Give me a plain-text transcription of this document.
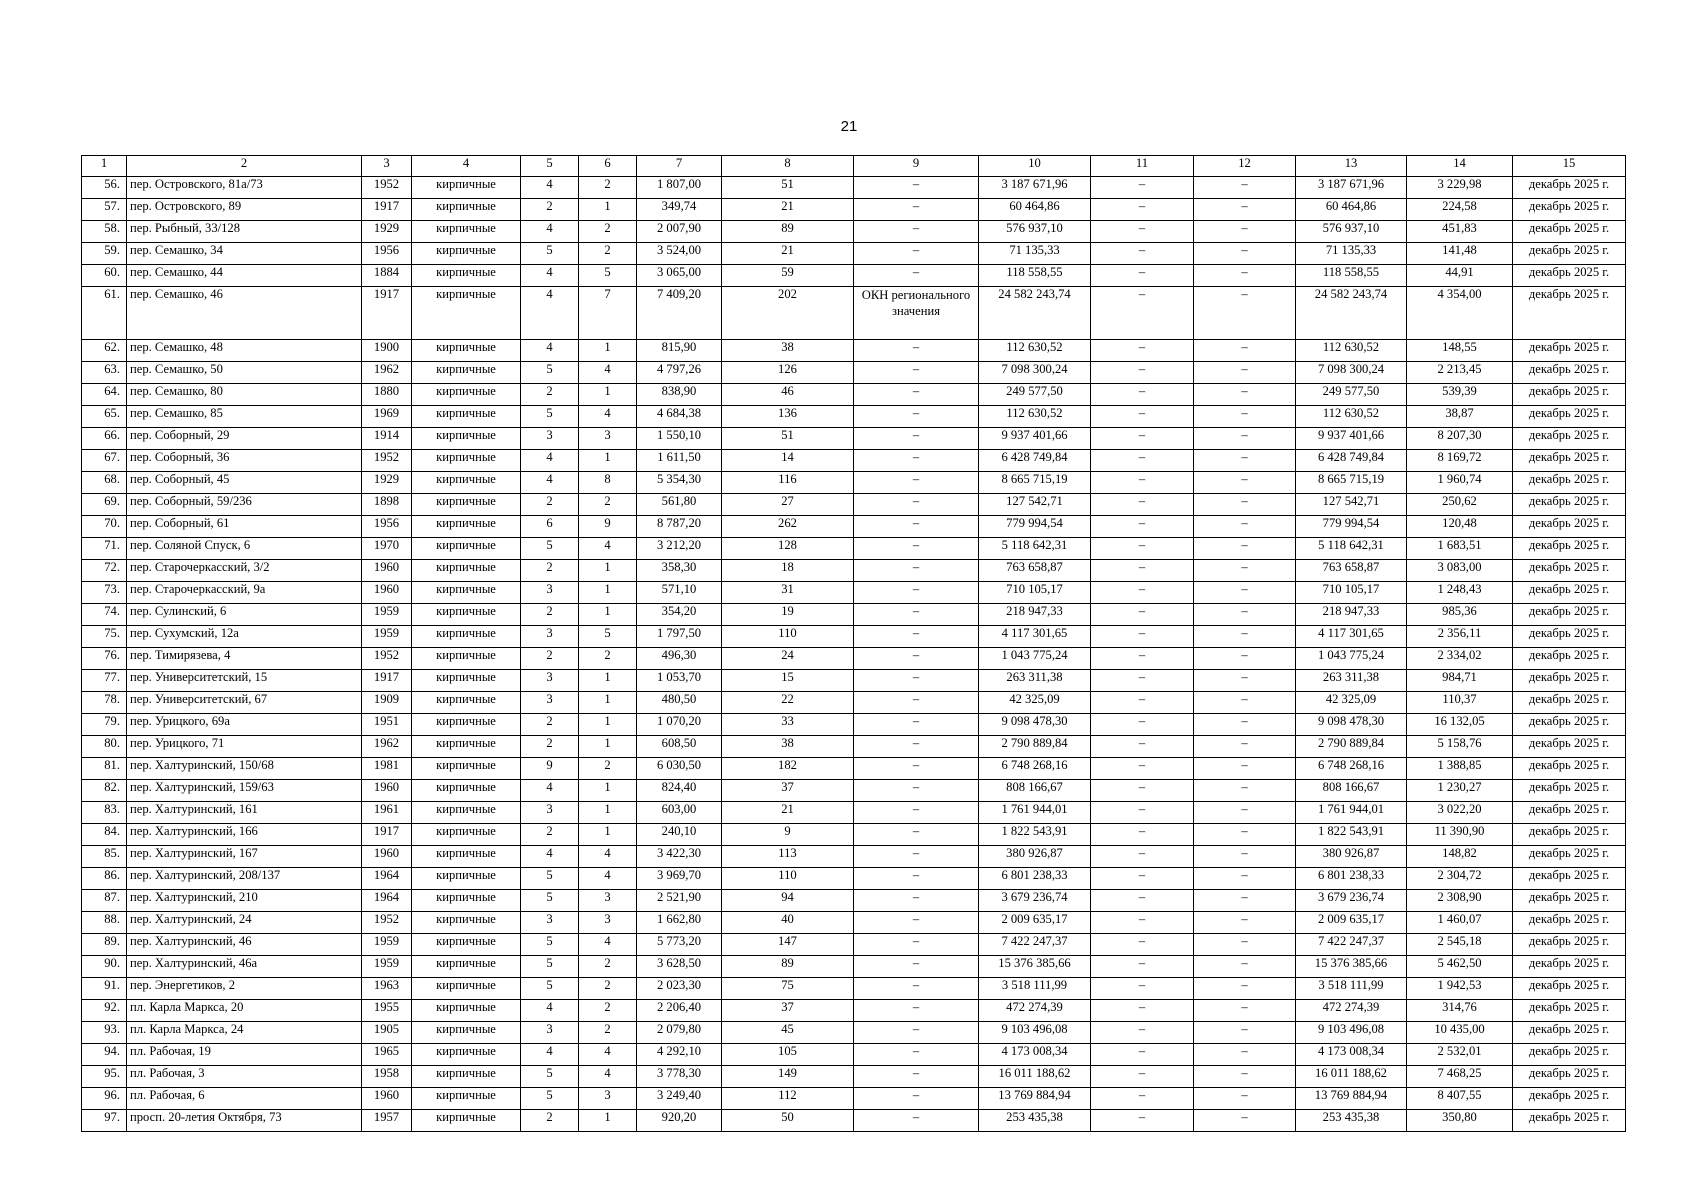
21
1	2	3	4	5	6	7	8	9	10	11	12	13	14	15
56.	пер. Островского, 81а/73	1952	кирпичные	4	2	1 807,00	51	–	3 187 671,96	–	–	3 187 671,96	3 229,98	декабрь 2025 г.
57.	пер. Островского, 89	1917	кирпичные	2	1	349,74	21	–	60 464,86	–	–	60 464,86	224,58	декабрь 2025 г.
58.	пер. Рыбный, 33/128	1929	кирпичные	4	2	2 007,90	89	–	576 937,10	–	–	576 937,10	451,83	декабрь 2025 г.
59.	пер. Семашко, 34	1956	кирпичные	5	2	3 524,00	21	–	71 135,33	–	–	71 135,33	141,48	декабрь 2025 г.
60.	пер. Семашко, 44	1884	кирпичные	4	5	3 065,00	59	–	118 558,55	–	–	118 558,55	44,91	декабрь 2025 г.
61.	пер. Семашко, 46	1917	кирпичные	4	7	7 409,20	202	ОКН регионального значения	24 582 243,74	–	–	24 582 243,74	4 354,00	декабрь 2025 г.
62.	пер. Семашко, 48	1900	кирпичные	4	1	815,90	38	–	112 630,52	–	–	112 630,52	148,55	декабрь 2025 г.
63.	пер. Семашко, 50	1962	кирпичные	5	4	4 797,26	126	–	7 098 300,24	–	–	7 098 300,24	2 213,45	декабрь 2025 г.
64.	пер. Семашко, 80	1880	кирпичные	2	1	838,90	46	–	249 577,50	–	–	249 577,50	539,39	декабрь 2025 г.
65.	пер. Семашко, 85	1969	кирпичные	5	4	4 684,38	136	–	112 630,52	–	–	112 630,52	38,87	декабрь 2025 г.
66.	пер. Соборный, 29	1914	кирпичные	3	3	1 550,10	51	–	9 937 401,66	–	–	9 937 401,66	8 207,30	декабрь 2025 г.
67.	пер. Соборный, 36	1952	кирпичные	4	1	1 611,50	14	–	6 428 749,84	–	–	6 428 749,84	8 169,72	декабрь 2025 г.
68.	пер. Соборный, 45	1929	кирпичные	4	8	5 354,30	116	–	8 665 715,19	–	–	8 665 715,19	1 960,74	декабрь 2025 г.
69.	пер. Соборный, 59/236	1898	кирпичные	2	2	561,80	27	–	127 542,71	–	–	127 542,71	250,62	декабрь 2025 г.
70.	пер. Соборный, 61	1956	кирпичные	6	9	8 787,20	262	–	779 994,54	–	–	779 994,54	120,48	декабрь 2025 г.
71.	пер. Соляной Спуск, 6	1970	кирпичные	5	4	3 212,20	128	–	5 118 642,31	–	–	5 118 642,31	1 683,51	декабрь 2025 г.
72.	пер. Старочеркасский, 3/2	1960	кирпичные	2	1	358,30	18	–	763 658,87	–	–	763 658,87	3 083,00	декабрь 2025 г.
73.	пер. Старочеркасский, 9а	1960	кирпичные	3	1	571,10	31	–	710 105,17	–	–	710 105,17	1 248,43	декабрь 2025 г.
74.	пер. Сулинский, 6	1959	кирпичные	2	1	354,20	19	–	218 947,33	–	–	218 947,33	985,36	декабрь 2025 г.
75.	пер. Сухумский, 12а	1959	кирпичные	3	5	1 797,50	110	–	4 117 301,65	–	–	4 117 301,65	2 356,11	декабрь 2025 г.
76.	пер. Тимирязева, 4	1952	кирпичные	2	2	496,30	24	–	1 043 775,24	–	–	1 043 775,24	2 334,02	декабрь 2025 г.
77.	пер. Университетский, 15	1917	кирпичные	3	1	1 053,70	15	–	263 311,38	–	–	263 311,38	984,71	декабрь 2025 г.
78.	пер. Университетский, 67	1909	кирпичные	3	1	480,50	22	–	42 325,09	–	–	42 325,09	110,37	декабрь 2025 г.
79.	пер. Урицкого, 69а	1951	кирпичные	2	1	1 070,20	33	–	9 098 478,30	–	–	9 098 478,30	16 132,05	декабрь 2025 г.
80.	пер. Урицкого, 71	1962	кирпичные	2	1	608,50	38	–	2 790 889,84	–	–	2 790 889,84	5 158,76	декабрь 2025 г.
81.	пер. Халтуринский, 150/68	1981	кирпичные	9	2	6 030,50	182	–	6 748 268,16	–	–	6 748 268,16	1 388,85	декабрь 2025 г.
82.	пер. Халтуринский, 159/63	1960	кирпичные	4	1	824,40	37	–	808 166,67	–	–	808 166,67	1 230,27	декабрь 2025 г.
83.	пер. Халтуринский, 161	1961	кирпичные	3	1	603,00	21	–	1 761 944,01	–	–	1 761 944,01	3 022,20	декабрь 2025 г.
84.	пер. Халтуринский, 166	1917	кирпичные	2	1	240,10	9	–	1 822 543,91	–	–	1 822 543,91	11 390,90	декабрь 2025 г.
85.	пер. Халтуринский, 167	1960	кирпичные	4	4	3 422,30	113	–	380 926,87	–	–	380 926,87	148,82	декабрь 2025 г.
86.	пер. Халтуринский, 208/137	1964	кирпичные	5	4	3 969,70	110	–	6 801 238,33	–	–	6 801 238,33	2 304,72	декабрь 2025 г.
87.	пер. Халтуринский, 210	1964	кирпичные	5	3	2 521,90	94	–	3 679 236,74	–	–	3 679 236,74	2 308,90	декабрь 2025 г.
88.	пер. Халтуринский, 24	1952	кирпичные	3	3	1 662,80	40	–	2 009 635,17	–	–	2 009 635,17	1 460,07	декабрь 2025 г.
89.	пер. Халтуринский, 46	1959	кирпичные	5	4	5 773,20	147	–	7 422 247,37	–	–	7 422 247,37	2 545,18	декабрь 2025 г.
90.	пер. Халтуринский, 46а	1959	кирпичные	5	2	3 628,50	89	–	15 376 385,66	–	–	15 376 385,66	5 462,50	декабрь 2025 г.
91.	пер. Энергетиков, 2	1963	кирпичные	5	2	2 023,30	75	–	3 518 111,99	–	–	3 518 111,99	1 942,53	декабрь 2025 г.
92.	пл. Карла Маркса, 20	1955	кирпичные	4	2	2 206,40	37	–	472 274,39	–	–	472 274,39	314,76	декабрь 2025 г.
93.	пл. Карла Маркса, 24	1905	кирпичные	3	2	2 079,80	45	–	9 103 496,08	–	–	9 103 496,08	10 435,00	декабрь 2025 г.
94.	пл. Рабочая, 19	1965	кирпичные	4	4	4 292,10	105	–	4 173 008,34	–	–	4 173 008,34	2 532,01	декабрь 2025 г.
95.	пл. Рабочая, 3	1958	кирпичные	5	4	3 778,30	149	–	16 011 188,62	–	–	16 011 188,62	7 468,25	декабрь 2025 г.
96.	пл. Рабочая, 6	1960	кирпичные	5	3	3 249,40	112	–	13 769 884,94	–	–	13 769 884,94	8 407,55	декабрь 2025 г.
97.	просп. 20-летия Октября, 73	1957	кирпичные	2	1	920,20	50	–	253 435,38	–	–	253 435,38	350,80	декабрь 2025 г.
